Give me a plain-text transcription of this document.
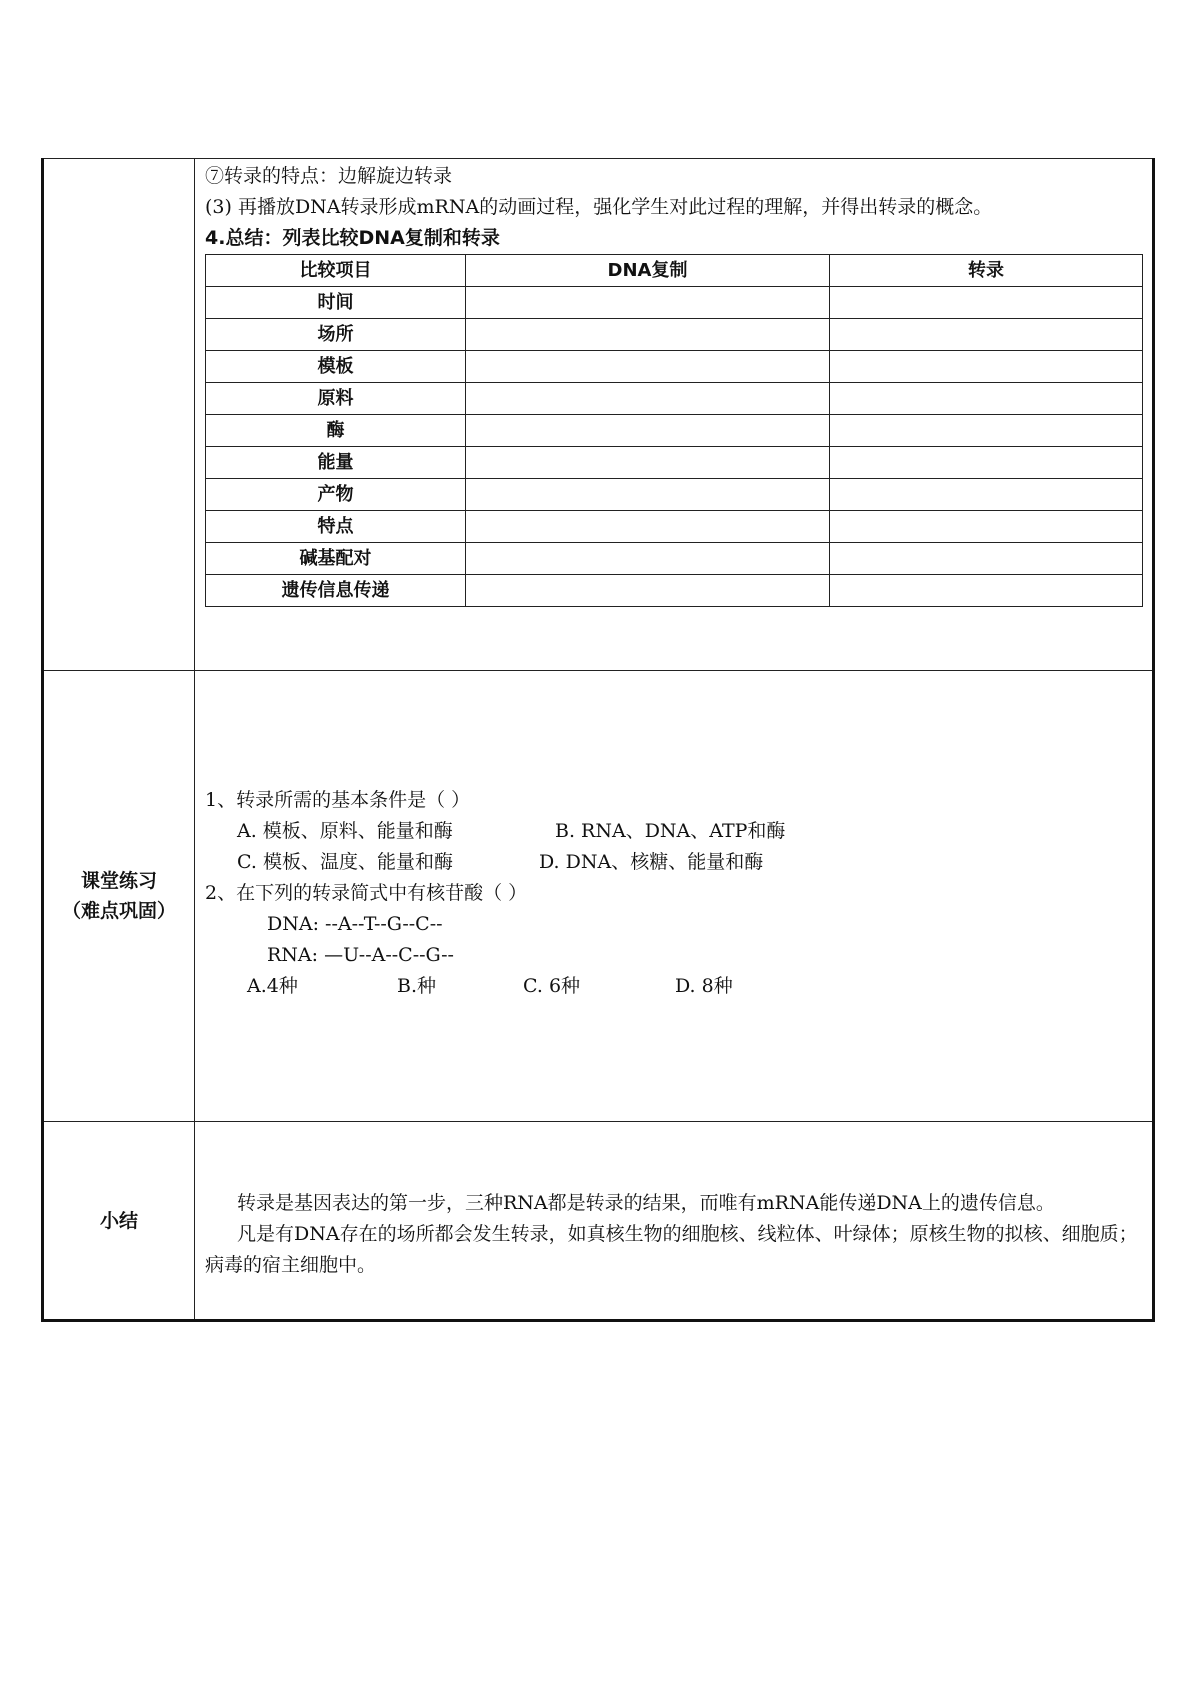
⑦转录的特点：边解旋边转录
(3) 再播放DNA转录形成mRNA的动画过程，强化学生对此过程的理解，并得出转录的概念。
4.总结：列表比较DNA复制和转录
比较项目	DNA复制	转录
时间		
场所		
模板		
原料		
酶		
能量		
产物		
特点		
碱基配对		
遗传信息传递		

课堂练习
（难点巩固）

1、转录所需的基本条件是（ ）
A. 模板、原料、能量和酶	B. RNA、DNA、ATP和酶
C. 模板、温度、能量和酶	D. DNA、核糖、能量和酶
2、在下列的转录简式中有核苷酸（ ）
DNA: --A--T--G--C--
RNA: —U--A--C--G--
A.4种	B.种	C. 6种	D. 8种

小结

转录是基因表达的第一步，三种RNA都是转录的结果，而唯有mRNA能传递DNA上的遗传信息。
凡是有DNA存在的场所都会发生转录，如真核生物的细胞核、线粒体、叶绿体；原核生物的拟核、细胞质；病毒的宿主细胞中。
